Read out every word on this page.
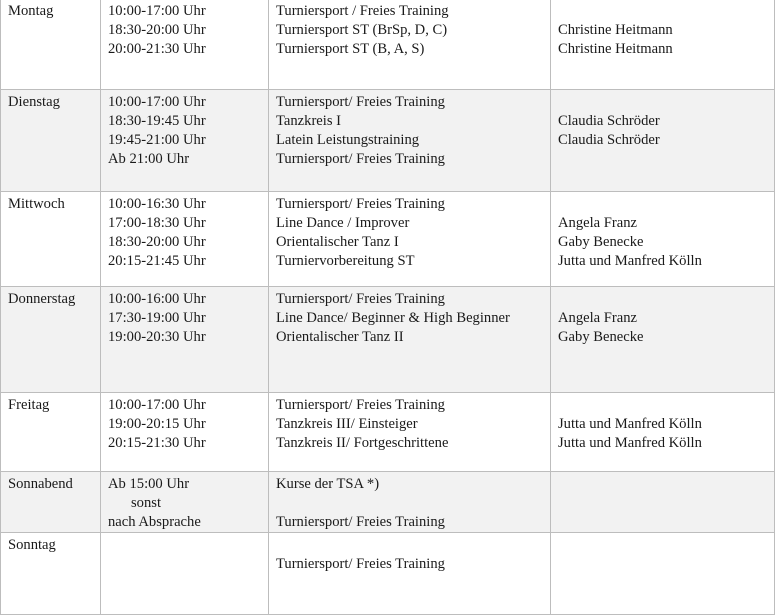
Montag	10:00-17:00 Uhr
18:30-20:00 Uhr
20:00-21:30 Uhr	Turniersport / Freies Training
Turniersport ST (BrSp, D, C)
Turniersport ST (B, A, S)	Christine Heitmann
Christine Heitmann

Dienstag	10:00-17:00 Uhr
18:30-19:45 Uhr
19:45-21:00 Uhr
Ab 21:00 Uhr	Turniersport/ Freies Training
Tanzkreis I
Latein Leistungstraining
Turniersport/ Freies Training	Claudia Schröder
Claudia Schröder

Mittwoch	10:00-16:30 Uhr
17:00-18:30 Uhr
18:30-20:00 Uhr
20:15-21:45 Uhr	Turniersport/ Freies Training
Line Dance / Improver
Orientalischer Tanz I
Turniervorbereitung ST	Angela Franz
Gaby Benecke
Jutta und Manfred Kölln

Donnerstag	10:00-16:00 Uhr
17:30-19:00 Uhr
19:00-20:30 Uhr	Turniersport/ Freies Training
Line Dance/ Beginner & High Beginner
Orientalischer Tanz II	Angela Franz
Gaby Benecke

Freitag	10:00-17:00 Uhr
19:00-20:15 Uhr
20:15-21:30 Uhr	Turniersport/ Freies Training
Tanzkreis III/ Einsteiger
Tanzkreis II/ Fortgeschrittene	Jutta und Manfred Kölln
Jutta und Manfred Kölln

Sonnabend	Ab 15:00 Uhr
sonst
nach Absprache	Kurse der TSA *)
Turniersport/ Freies Training	

Sonntag		Turniersport/ Freies Training	
